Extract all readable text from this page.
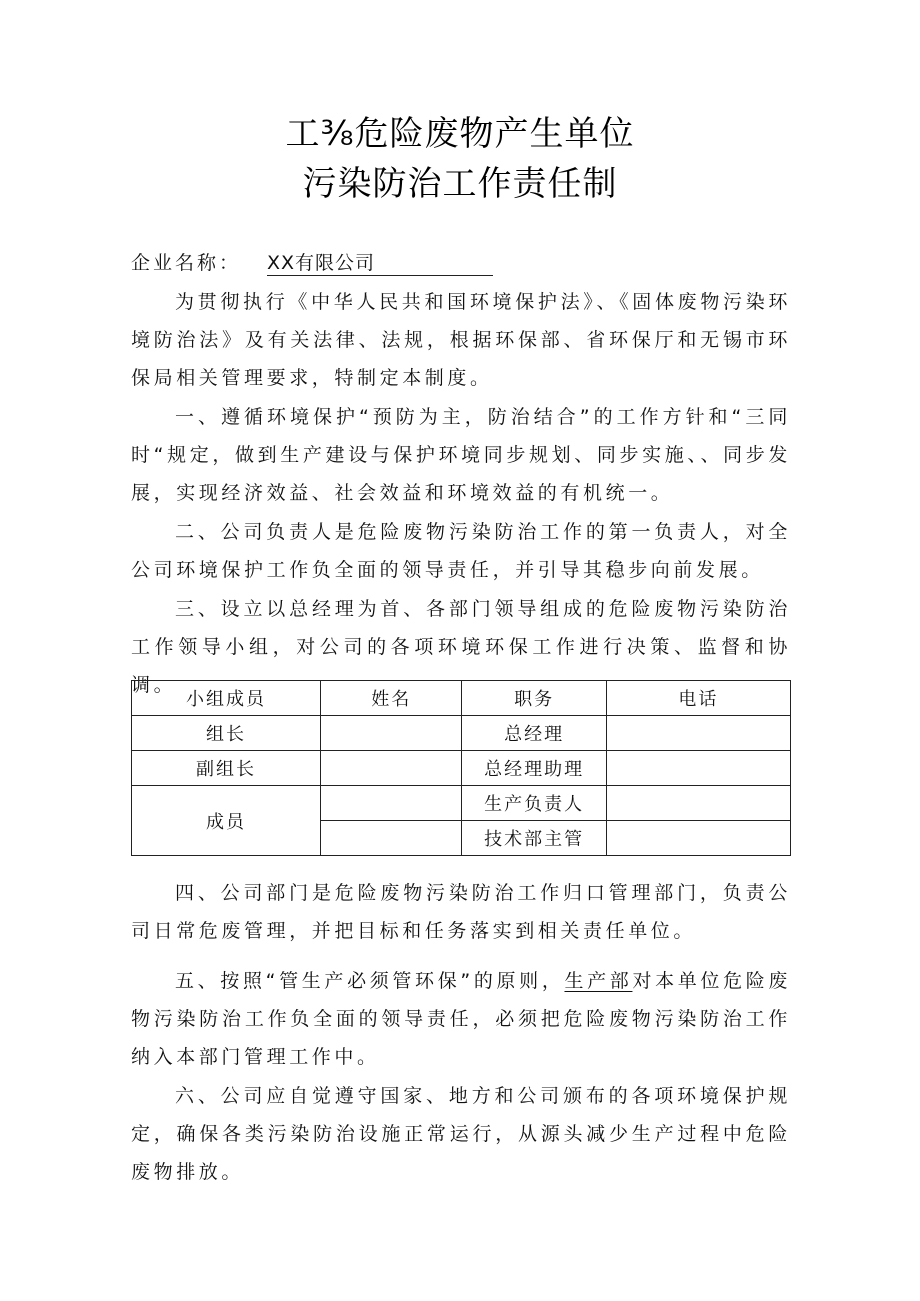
工⅜危险废物产生单位
污染防治工作责任制
企业名称： XX有限公司

为贯彻执行《中华人民共和国环境保护法》、《固体废物污染环境防治法》及有关法律、法规，根据环保部、省环保厅和无锡市环保局相关管理要求，特制定本制度。

一、遵循环境保护“预防为主，防治结合”的工作方针和“三同时“规定，做到生产建设与保护环境同步规划、同步实施、、同步发展，实现经济效益、社会效益和环境效益的有机统一。

二、公司负责人是危险废物污染防治工作的第一负责人，对全公司环境保护工作负全面的领导责任，并引导其稳步向前发展。

三、设立以总经理为首、各部门领导组成的危险废物污染防治工作领导小组，对公司的各项环境环保工作进行决策、监督和协调。

小组成员	姓名	职务	电话
组长		总经理	
副组长		总经理助理	
成员		生产负责人	
		技术部主管	

四、公司部门是危险废物污染防治工作归口管理部门，负责公司日常危废管理，并把目标和任务落实到相关责任单位。

五、按照“管生产必须管环保”的原则，生产部对本单位危险废物污染防治工作负全面的领导责任，必须把危险废物污染防治工作纳入本部门管理工作中。

六、公司应自觉遵守国家、地方和公司颁布的各项环境保护规定，确保各类污染防治设施正常运行，从源头减少生产过程中危险废物排放。
